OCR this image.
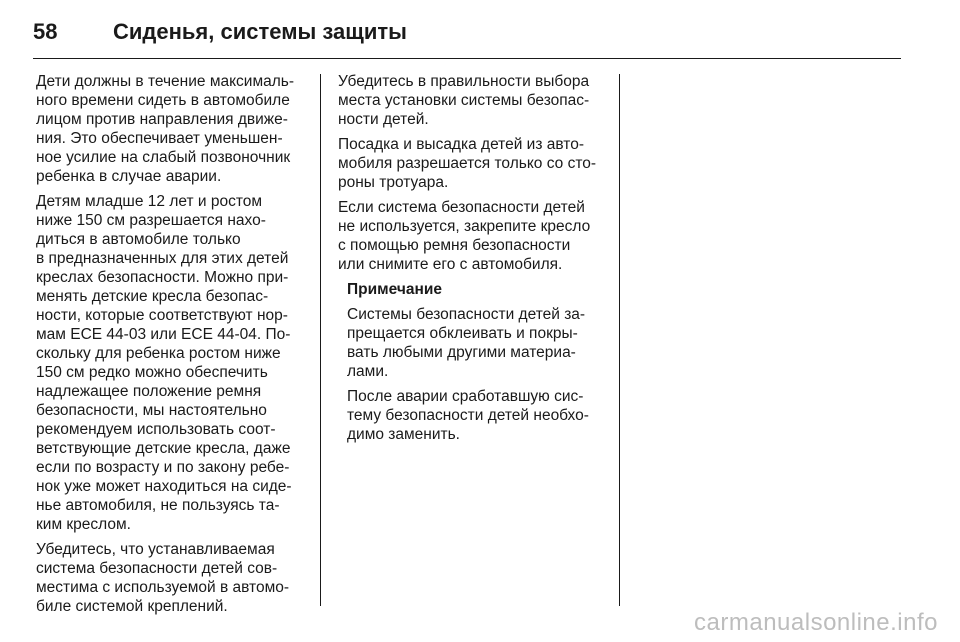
58	Сиденья, системы защиты

Дети должны в течение максималь-
ного времени сидеть в автомобиле
лицом против направления движе-
ния. Это обеспечивает уменьшен-
ное усилие на слабый позвоночник
ребенка в случае аварии.

Детям младше 12 лет и ростом
ниже 150 см разрешается нахо-
диться в автомобиле только
в предназначенных для этих детей
креслах безопасности. Можно при-
менять детские кресла безопас-
ности, которые соответствуют нор-
мам ECE 44-03 или ECE 44-04. По-
скольку для ребенка ростом ниже
150 см редко можно обеспечить
надлежащее положение ремня
безопасности, мы настоятельно
рекомендуем использовать соот-
ветствующие детские кресла, даже
если по возрасту и по закону ребе-
нок уже может находиться на сиде-
нье автомобиля, не пользуясь та-
ким креслом.

Убедитесь, что устанавливаемая
система безопасности детей сов-
местима с используемой в автомо-
биле системой креплений.

Убедитесь в правильности выбора
места установки системы безопас-
ности детей.

Посадка и высадка детей из авто-
мобиля разрешается только со сто-
роны тротуара.

Если система безопасности детей
не используется, закрепите кресло
с помощью ремня безопасности
или снимите его с автомобиля.

Примечание

Системы безопасности детей за-
прещается обклеивать и покры-
вать любыми другими материа-
лами.

После аварии сработавшую сис-
тему безопасности детей необхо-
димо заменить.

carmanualsonline.info
